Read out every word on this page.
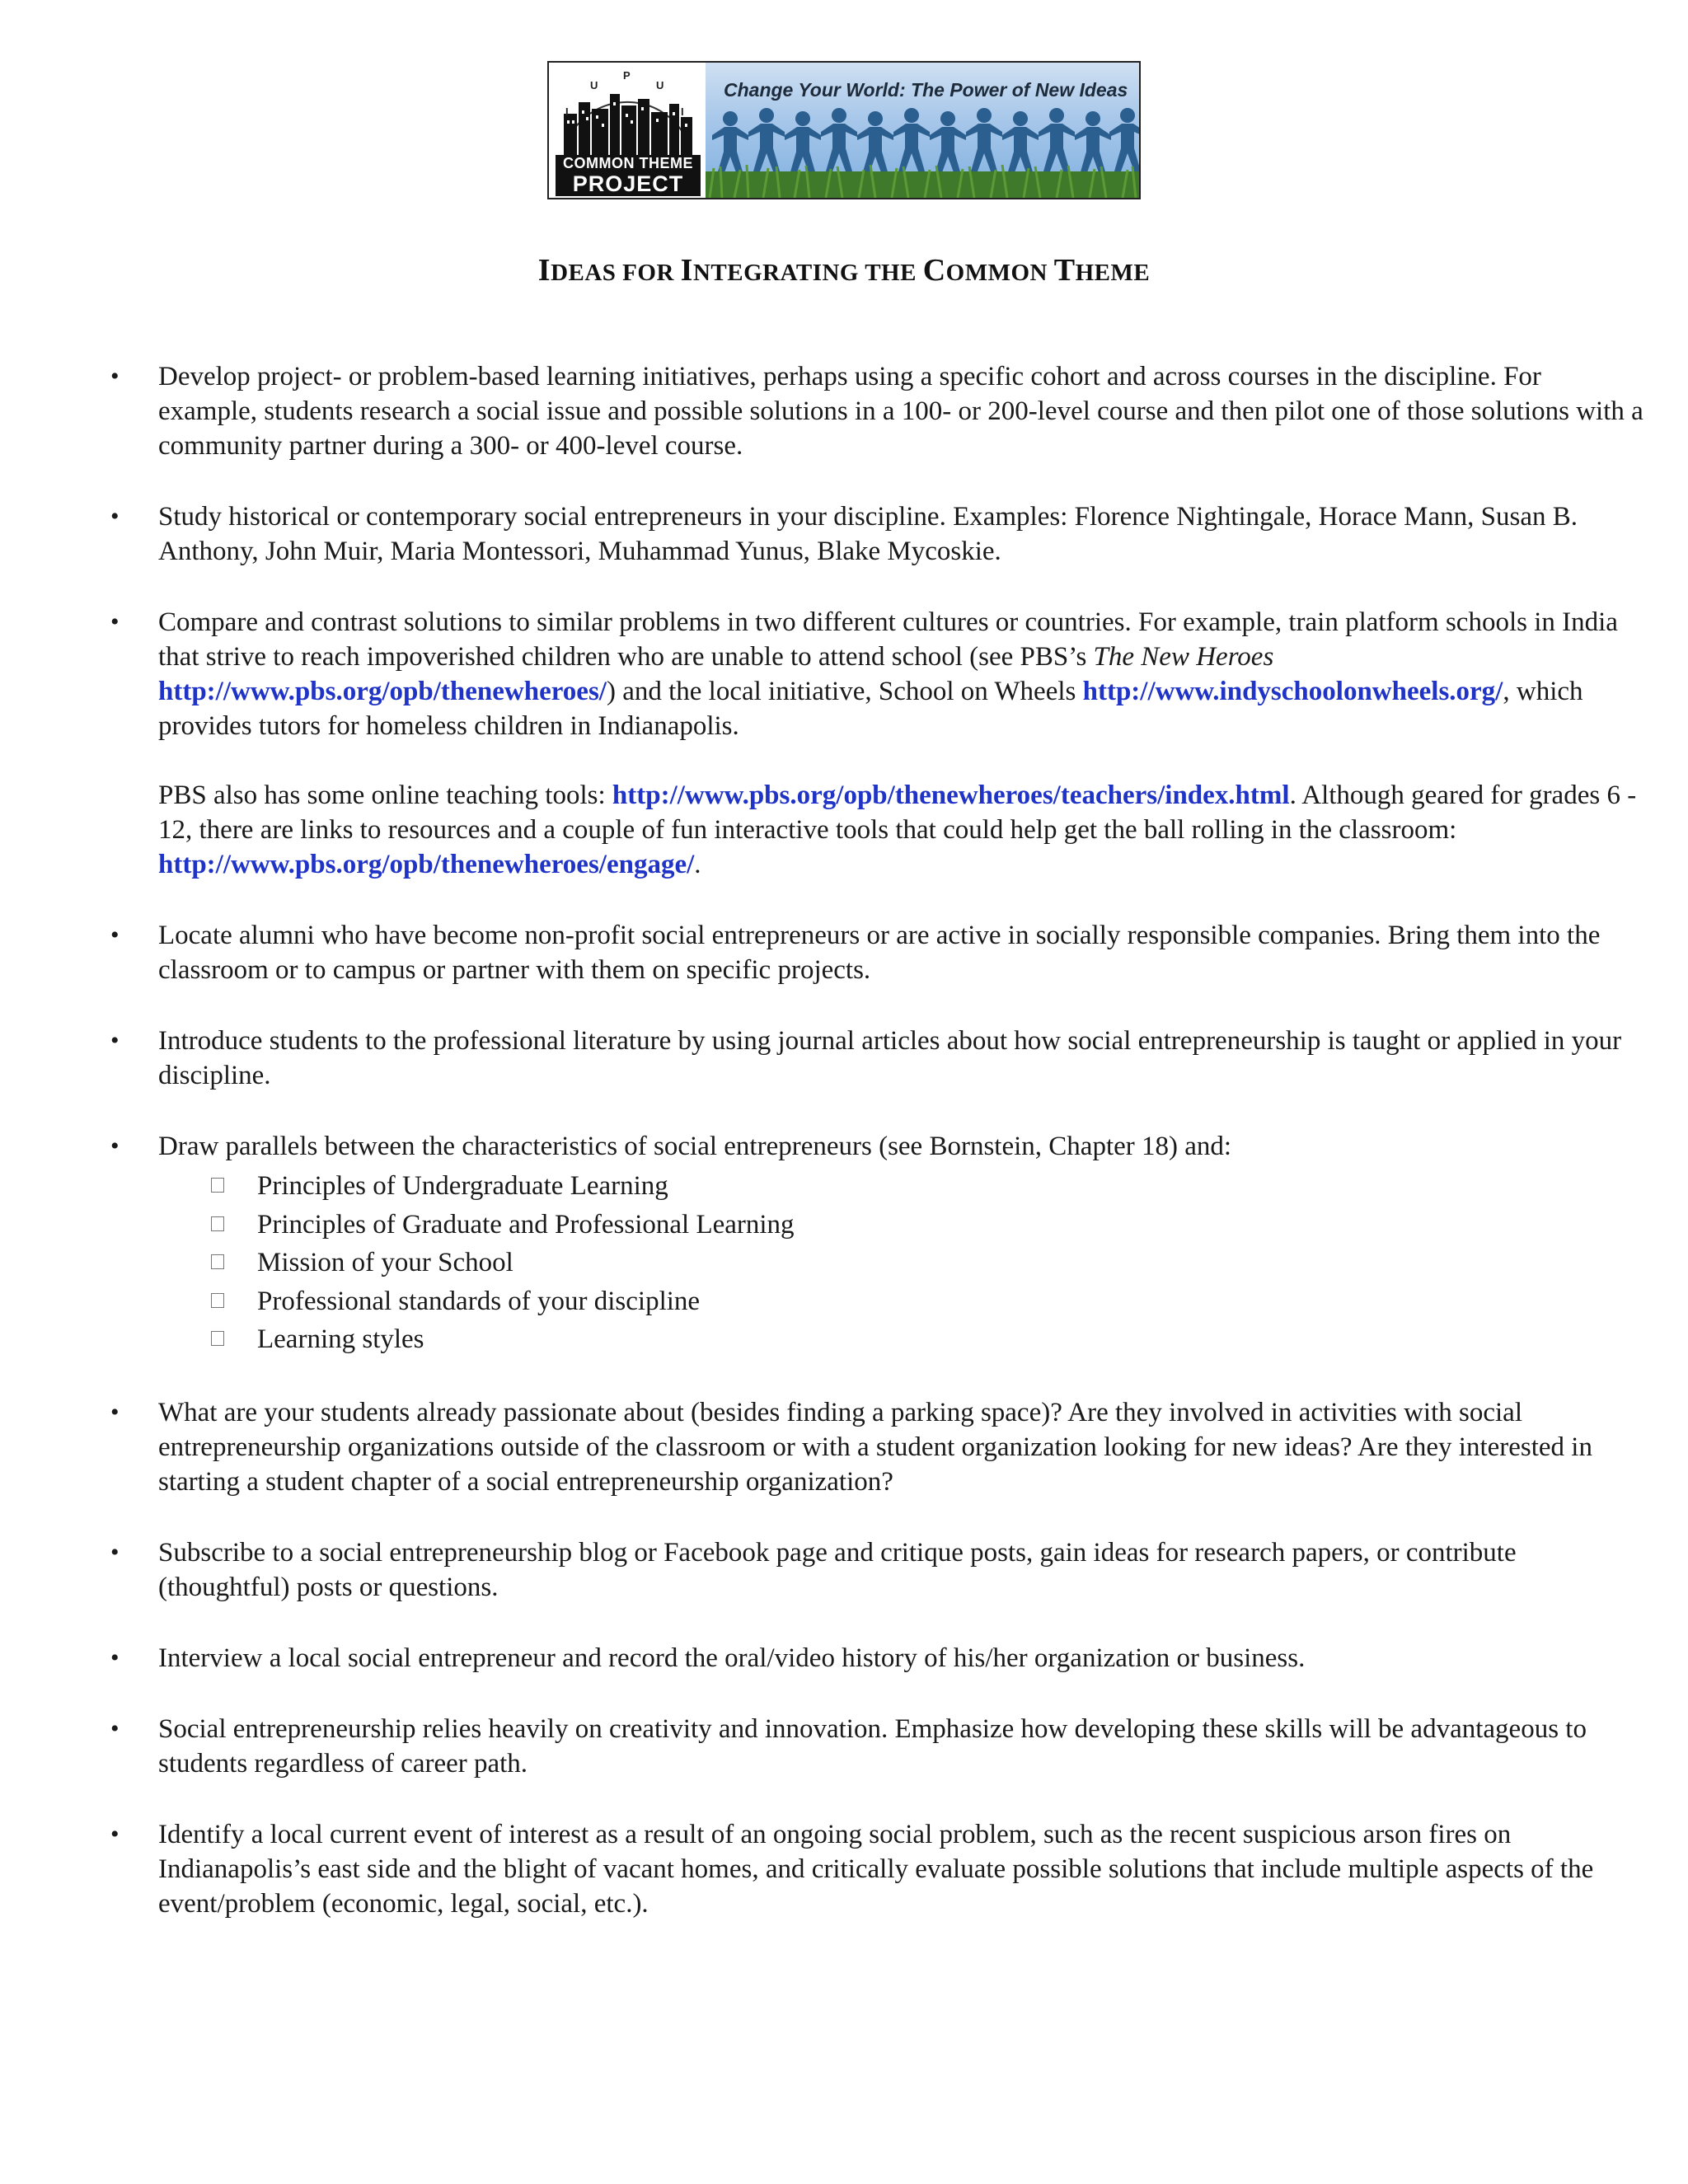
I
U
P
U
I
COMMON THEME
PROJECT
Change Your World: The Power of New Ideas
IDEAS FOR INTEGRATING THE COMMON THEME
• Develop project- or problem-based learning initiatives, perhaps using a specific cohort and across courses in the discipline. For example, students research a social issue and possible solutions in a 100- or 200-level course and then pilot one of those solutions with a community partner during a 300- or 400-level course.

• Study historical or contemporary social entrepreneurs in your discipline. Examples: Florence Nightingale, Horace Mann, Susan B. Anthony, John Muir, Maria Montessori, Muhammad Yunus, Blake Mycoskie.

• Compare and contrast solutions to similar problems in two different cultures or countries. For example, train platform schools in India that strive to reach impoverished children who are unable to attend school (see PBS’s The New Heroes http://www.pbs.org/opb/thenewheroes/) and the local initiative, School on Wheels http://www.indyschoolonwheels.org/, which provides tutors for homeless children in Indianapolis.

PBS also has some online teaching tools: http://www.pbs.org/opb/thenewheroes/teachers/index.html. Although geared for grades 6 - 12, there are links to resources and a couple of fun interactive tools that could help get the ball rolling in the classroom: http://www.pbs.org/opb/thenewheroes/engage/.

• Locate alumni who have become non-profit social entrepreneurs or are active in socially responsible companies. Bring them into the classroom or to campus or partner with them on specific projects.

• Introduce students to the professional literature by using journal articles about how social entrepreneurship is taught or applied in your discipline.

• Draw parallels between the characteristics of social entrepreneurs (see Bornstein, Chapter 18) and:

Principles of Undergraduate Learning
Principles of Graduate and Professional Learning
Mission of your School
Professional standards of your discipline
Learning styles
• What are your students already passionate about (besides finding a parking space)? Are they involved in activities with social entrepreneurship organizations outside of the classroom or with a student organization looking for new ideas? Are they interested in starting a student chapter of a social entrepreneurship organization?

• Subscribe to a social entrepreneurship blog or Facebook page and critique posts, gain ideas for research papers, or contribute (thoughtful) posts or questions.

• Interview a local social entrepreneur and record the oral/video history of his/her organization or business.

• Social entrepreneurship relies heavily on creativity and innovation. Emphasize how developing these skills will be advantageous to students regardless of career path.

• Identify a local current event of interest as a result of an ongoing social problem, such as the recent suspicious arson fires on Indianapolis’s east side and the blight of vacant homes, and critically evaluate possible solutions that include multiple aspects of the event/problem (economic, legal, social, etc.).
